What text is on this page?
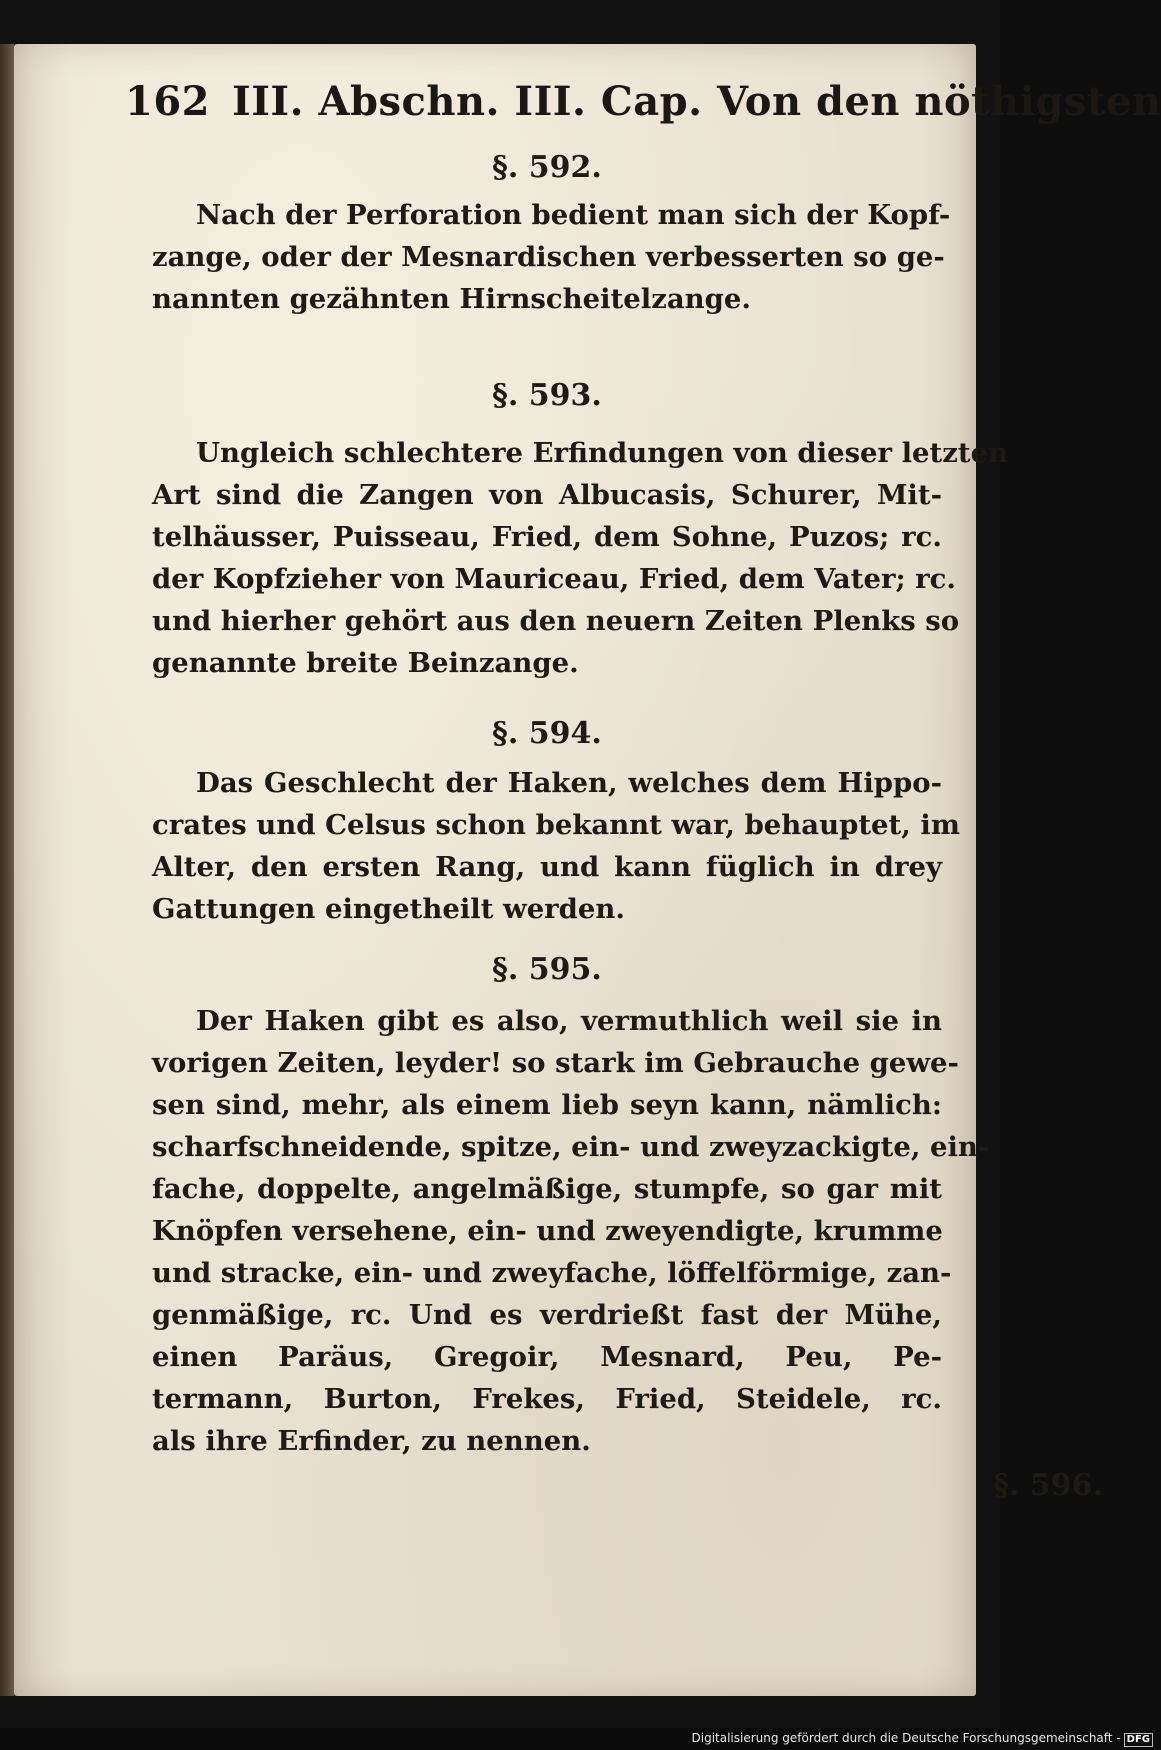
162 III. Abschn. III. Cap. Von den nöthigsten
§. 592.
Nach der Perforation bedient man sich der Kopf-
zange, oder der Mesnardischen verbesserten so ge-
nannten gezähnten Hirnscheitelzange.
§. 593.
Ungleich schlechtere Erfindungen von dieser letzten
Art sind die Zangen von Albucasis, Schurer, Mit-
telhäusser, Puisseau, Fried, dem Sohne, Puzos; rc.
der Kopfzieher von Mauriceau, Fried, dem Vater; rc.
und hierher gehört aus den neuern Zeiten Plenks so
genannte breite Beinzange.
§. 594.
Das Geschlecht der Haken, welches dem Hippo-
crates und Celsus schon bekannt war, behauptet, im
Alter, den ersten Rang, und kann füglich in drey
Gattungen eingetheilt werden.
§. 595.
Der Haken gibt es also, vermuthlich weil sie in
vorigen Zeiten, leyder! so stark im Gebrauche gewe-
sen sind, mehr, als einem lieb seyn kann, nämlich:
scharfschneidende, spitze, ein- und zweyzackigte, ein-
fache, doppelte, angelmäßige, stumpfe, so gar mit
Knöpfen versehene, ein- und zweyendigte, krumme
und stracke, ein- und zweyfache, löffelförmige, zan-
genmäßige, rc. Und es verdrießt fast der Mühe,
einen Paräus, Gregoir, Mesnard, Peu, Pe-
termann, Burton, Frekes, Fried, Steidele, rc.
als ihre Erfinder, zu nennen.
§. 596.
Digitalisierung gefördert durch die Deutsche Forschungsgemeinschaft - DFG
